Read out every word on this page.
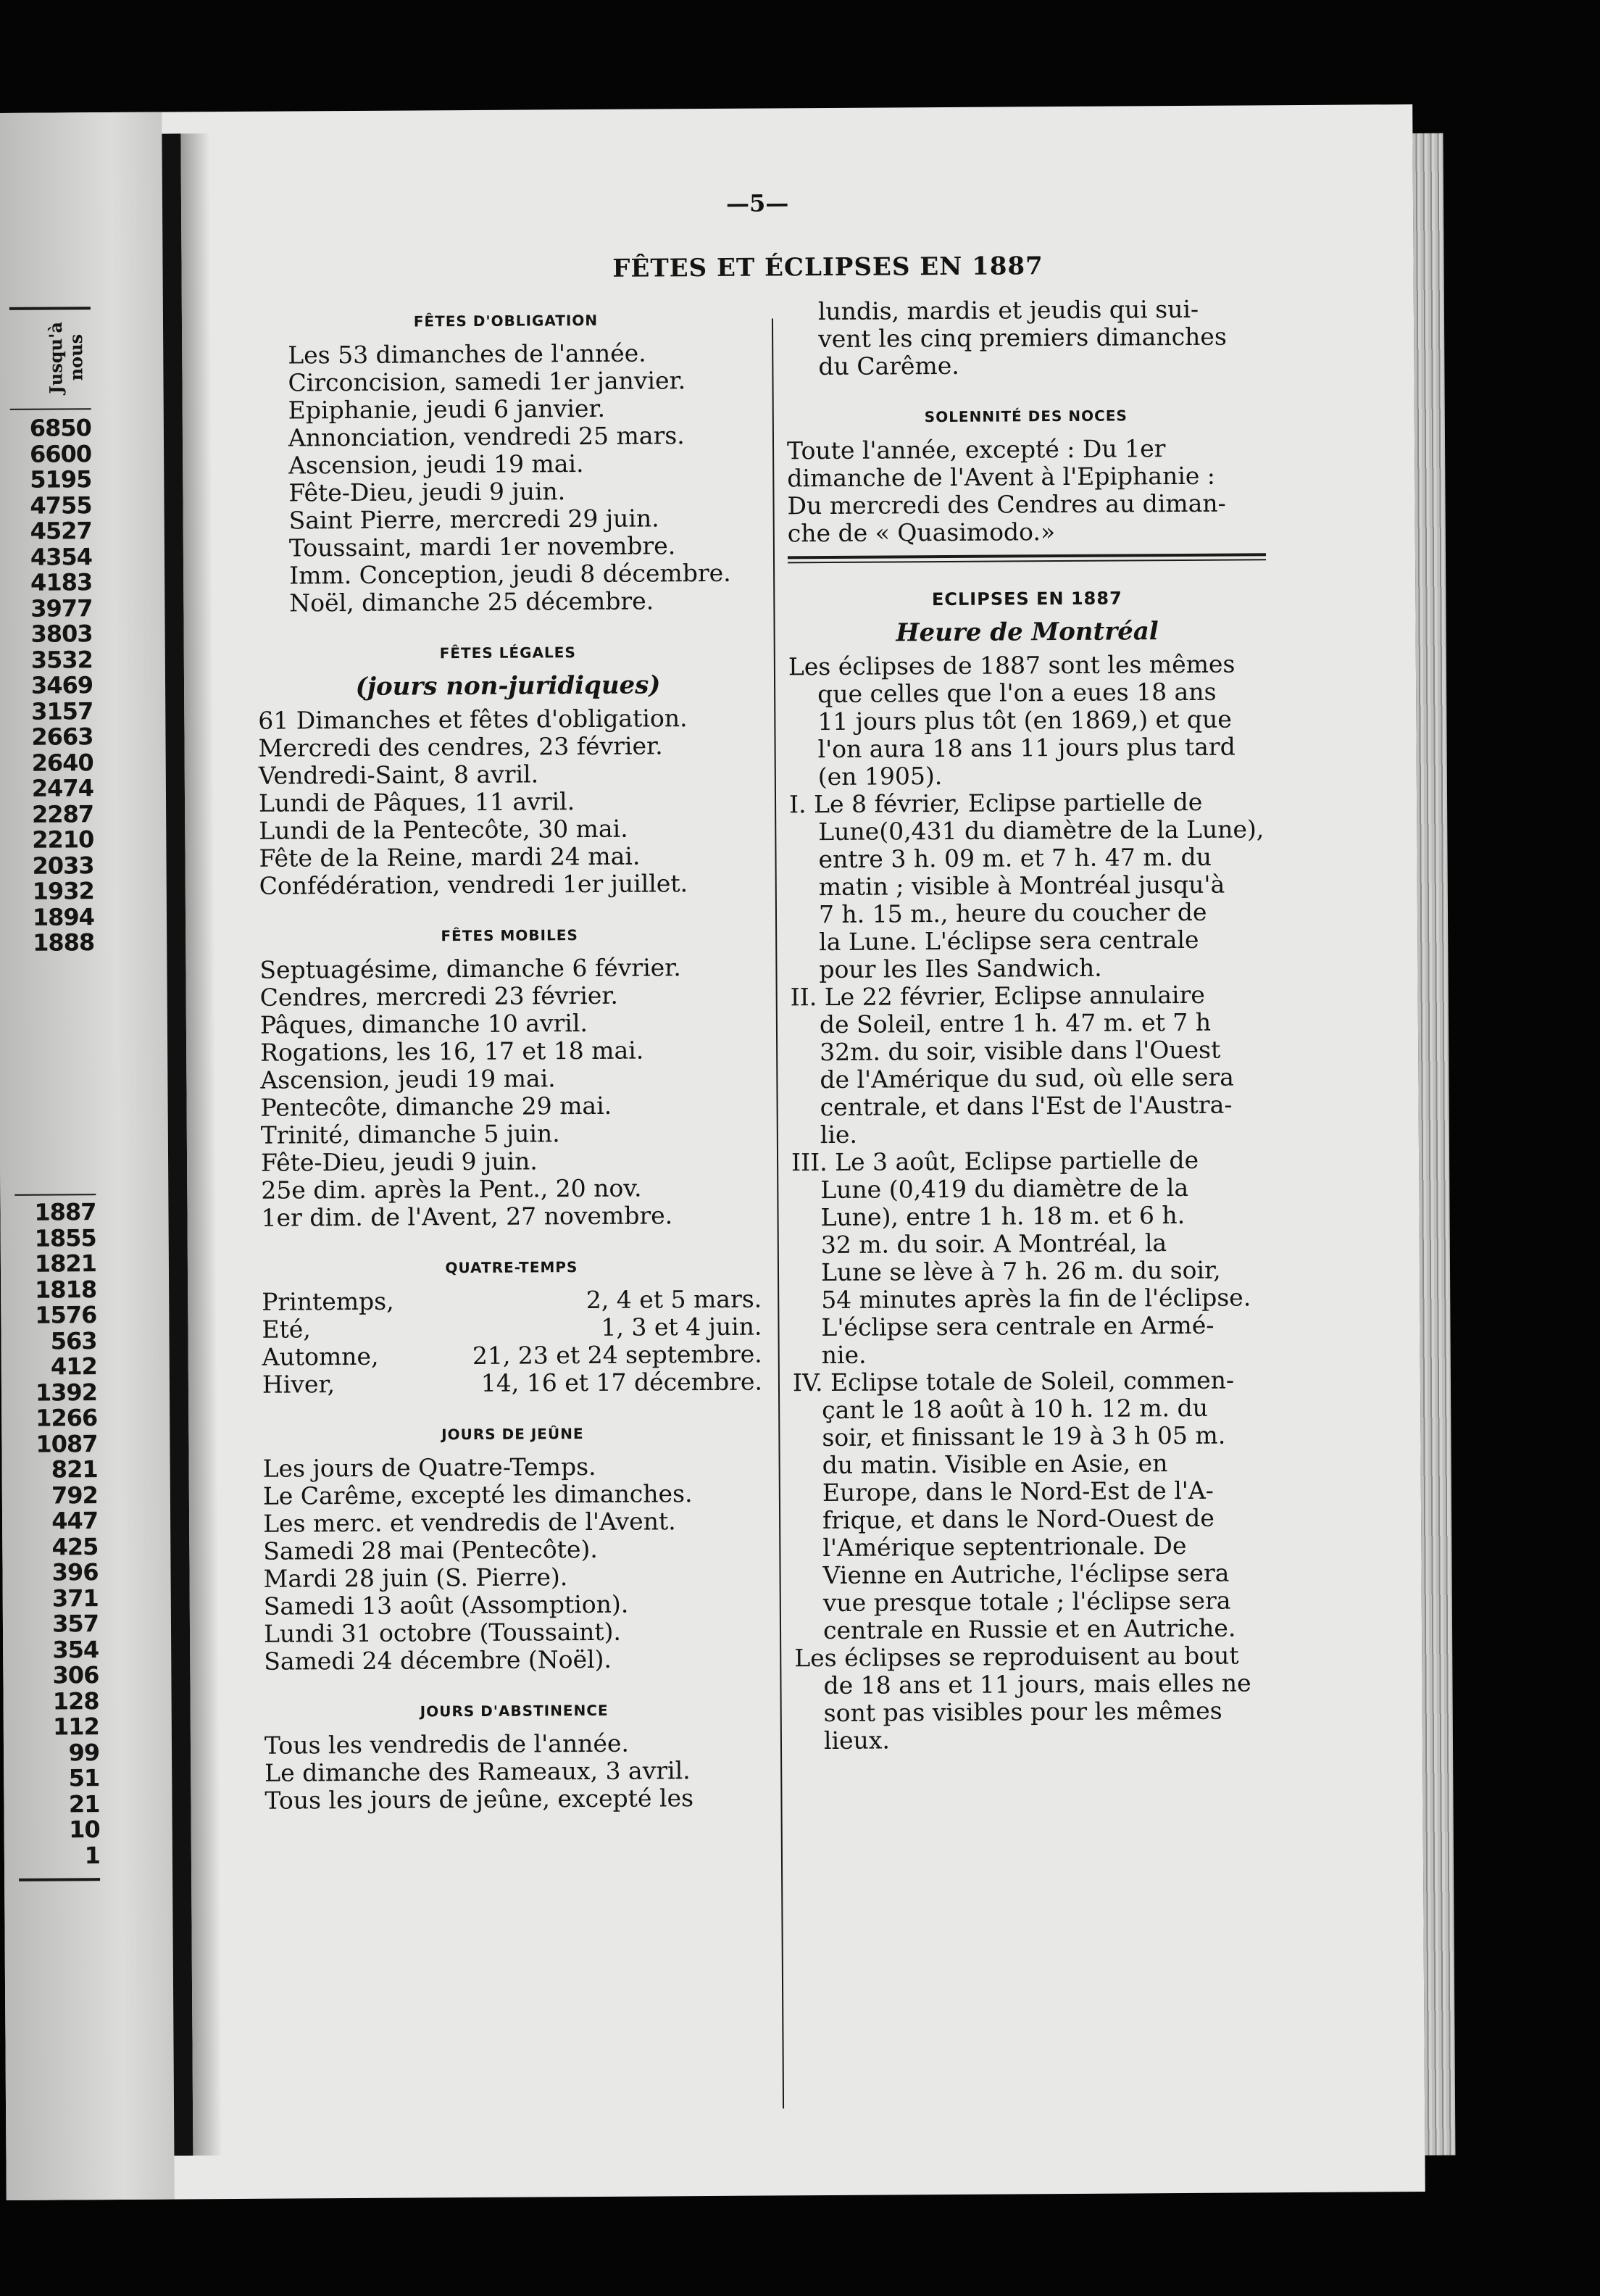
Jusqu'à nous
6850
6600
5195
4755
4527
4354
4183
3977
3803
3532
3469
3157
2663
2640
2474
2287
2210
2033
1932
1894
1888
1887
1855
1821
1818
1576
563
412
1392
1266
1087
821
792
447
425
396
371
357
354
306
128
112
99
51
21
10
1
—5—
FÊTES ET ÉCLIPSES EN 1887
FÊTES D'OBLIGATION
Les 53 dimanches de l'année.
Circoncision, samedi 1er janvier.
Epiphanie, jeudi 6 janvier.
Annonciation, vendredi 25 mars.
Ascension, jeudi 19 mai.
Fête-Dieu, jeudi 9 juin.
Saint Pierre, mercredi 29 juin.
Toussaint, mardi 1er novembre.
Imm. Conception, jeudi 8 décembre.
Noël, dimanche 25 décembre.
FÊTES LÉGALES
(jours non-juridiques)
61 Dimanches et fêtes d'obligation.
Mercredi des cendres, 23 février.
Vendredi-Saint, 8 avril.
Lundi de Pâques, 11 avril.
Lundi de la Pentecôte, 30 mai.
Fête de la Reine, mardi 24 mai.
Confédération, vendredi 1er juillet.
FÊTES MOBILES
Septuagésime, dimanche 6 février.
Cendres, mercredi 23 février.
Pâques, dimanche 10 avril.
Rogations, les 16, 17 et 18 mai.
Ascension, jeudi 19 mai.
Pentecôte, dimanche 29 mai.
Trinité, dimanche 5 juin.
Fête-Dieu, jeudi 9 juin.
25e dim. après la Pent., 20 nov.
1er dim. de l'Avent, 27 novembre.
QUATRE-TEMPS
Printemps,	2, 4 et 5 mars.
Eté,	1, 3 et 4 juin.
Automne,	21, 23 et 24 septembre.
Hiver,	14, 16 et 17 décembre.
JOURS DE JEÛNE
Les jours de Quatre-Temps.
Le Carême, excepté les dimanches.
Les merc. et vendredis de l'Avent.
Samedi 28 mai (Pentecôte).
Mardi 28 juin (S. Pierre).
Samedi 13 août (Assomption).
Lundi 31 octobre (Toussaint).
Samedi 24 décembre (Noël).
JOURS D'ABSTINENCE
Tous les vendredis de l'année.
Le dimanche des Rameaux, 3 avril.
Tous les jours de jeûne, excepté les
lundis, mardis et jeudis qui sui-
vent les cinq premiers dimanches
du Carême.
SOLENNITÉ DES NOCES
Toute l'année, excepté : Du 1er
dimanche de l'Avent à l'Epiphanie :
Du mercredi des Cendres au diman-
che de « Quasimodo.»
ECLIPSES EN 1887
Heure de Montréal
Les éclipses de 1887 sont les mêmes
que celles que l'on a eues 18 ans
11 jours plus tôt (en 1869,) et que
l'on aura 18 ans 11 jours plus tard
(en 1905).
I. Le 8 février, Eclipse partielle de
Lune(0,431 du diamètre de la Lune),
entre 3 h. 09 m. et 7 h. 47 m. du
matin ; visible à Montréal jusqu'à
7 h. 15 m., heure du coucher de
la Lune. L'éclipse sera centrale
pour les Iles Sandwich.
II. Le 22 février, Eclipse annulaire
de Soleil, entre 1 h. 47 m. et 7 h
32m. du soir, visible dans l'Ouest
de l'Amérique du sud, où elle sera
centrale, et dans l'Est de l'Austra-
lie.
III. Le 3 août, Eclipse partielle de
Lune (0,419 du diamètre de la
Lune), entre 1 h. 18 m. et 6 h.
32 m. du soir. A Montréal, la
Lune se lève à 7 h. 26 m. du soir,
54 minutes après la fin de l'éclipse.
L'éclipse sera centrale en Armé-
nie.
IV. Eclipse totale de Soleil, commen-
çant le 18 août à 10 h. 12 m. du
soir, et finissant le 19 à 3 h 05 m.
du matin. Visible en Asie, en
Europe, dans le Nord-Est de l'A-
frique, et dans le Nord-Ouest de
l'Amérique septentrionale. De
Vienne en Autriche, l'éclipse sera
vue presque totale ; l'éclipse sera
centrale en Russie et en Autriche.
Les éclipses se reproduisent au bout
de 18 ans et 11 jours, mais elles ne
sont pas visibles pour les mêmes
lieux.
